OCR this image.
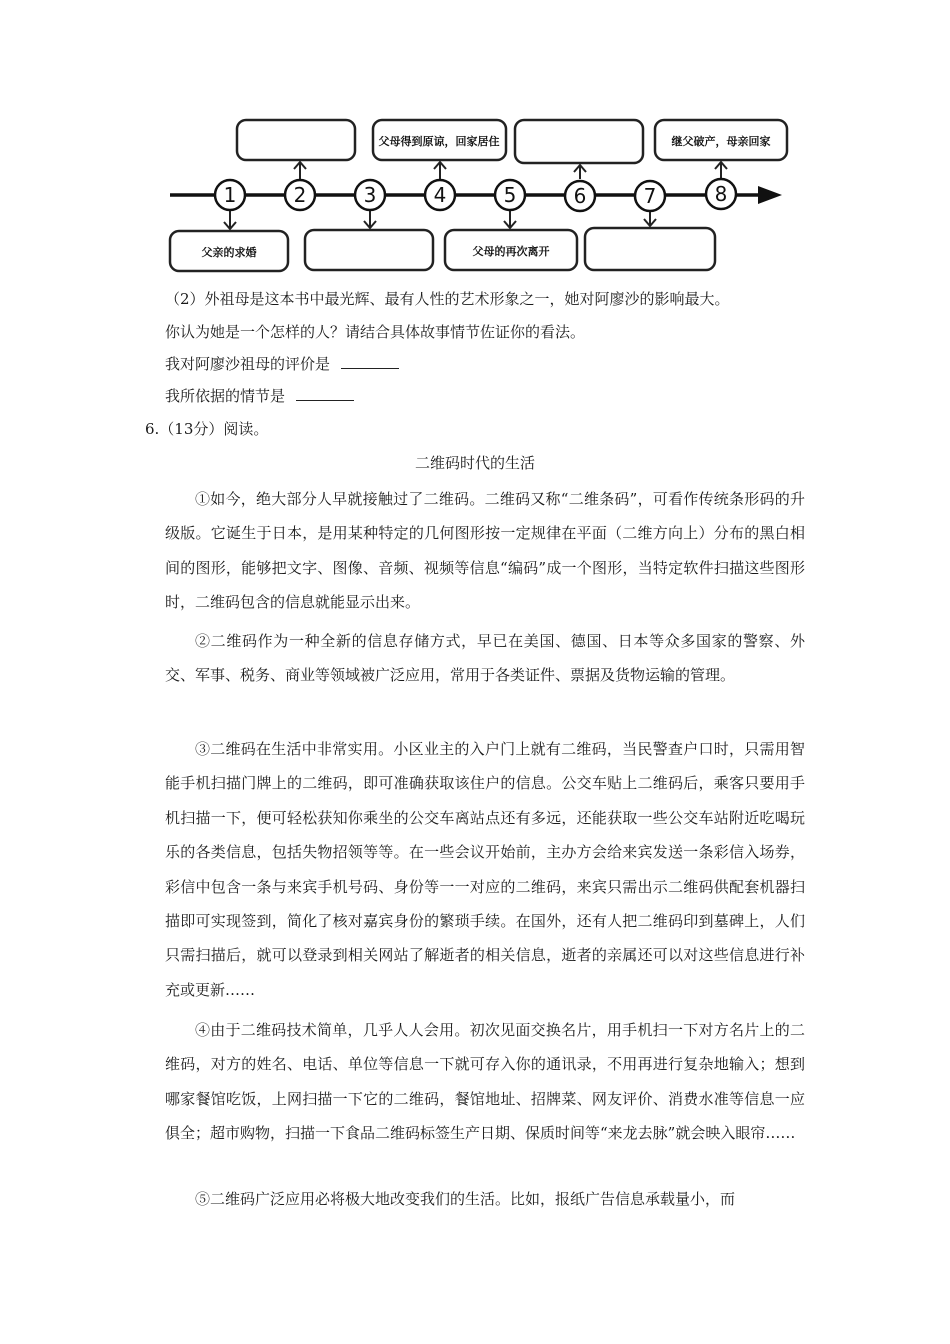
父母得到原谅，回家居住	继父破产，母亲回家
父亲的求婚	父母的再次离开
1	2	3	4	5	6	7	8
（2）外祖母是这本书中最光辉、最有人性的艺术形象之一，她对阿廖沙的影响最大。
你认为她是一个怎样的人？请结合具体故事情节佐证你的看法。
我对阿廖沙祖母的评价是
我所依据的情节是
6.（13分）阅读。
二维码时代的生活

①如今，绝大部分人早就接触过了二维码。二维码又称“二维条码”，可看作传统条形码的升级版。它诞生于日本，是用某种特定的几何图形按一定规律在平面（二维方向上）分布的黑白相间的图形，能够把文字、图像、音频、视频等信息“编码”成一个图形，当特定软件扫描这些图形时，二维码包含的信息就能显示出来。

②二维码作为一种全新的信息存储方式，早已在美国、德国、日本等众多国家的警察、外交、军事、税务、商业等领域被广泛应用，常用于各类证件、票据及货物运输的管理。

③二维码在生活中非常实用。小区业主的入户门上就有二维码，当民警查户口时，只需用智能手机扫描门牌上的二维码，即可准确获取该住户的信息。公交车贴上二维码后，乘客只要用手机扫描一下，便可轻松获知你乘坐的公交车离站点还有多远，还能获取一些公交车站附近吃喝玩乐的各类信息，包括失物招领等等。在一些会议开始前，主办方会给来宾发送一条彩信入场券，彩信中包含一条与来宾手机号码、身份等一一对应的二维码，来宾只需出示二维码供配套机器扫描即可实现签到，简化了核对嘉宾身份的繁琐手续。在国外，还有人把二维码印到墓碑上，人们只需扫描后，就可以登录到相关网站了解逝者的相关信息，逝者的亲属还可以对这些信息进行补充或更新……

④由于二维码技术简单，几乎人人会用。初次见面交换名片，用手机扫一下对方名片上的二维码，对方的姓名、电话、单位等信息一下就可存入你的通讯录，不用再进行复杂地输入；想到哪家餐馆吃饭，上网扫描一下它的二维码，餐馆地址、招牌菜、网友评价、消费水准等信息一应俱全；超市购物，扫描一下食品二维码标签生产日期、保质时间等“来龙去脉”就会映入眼帘……

⑤二维码广泛应用必将极大地改变我们的生活。比如，报纸广告信息承载量小，而
